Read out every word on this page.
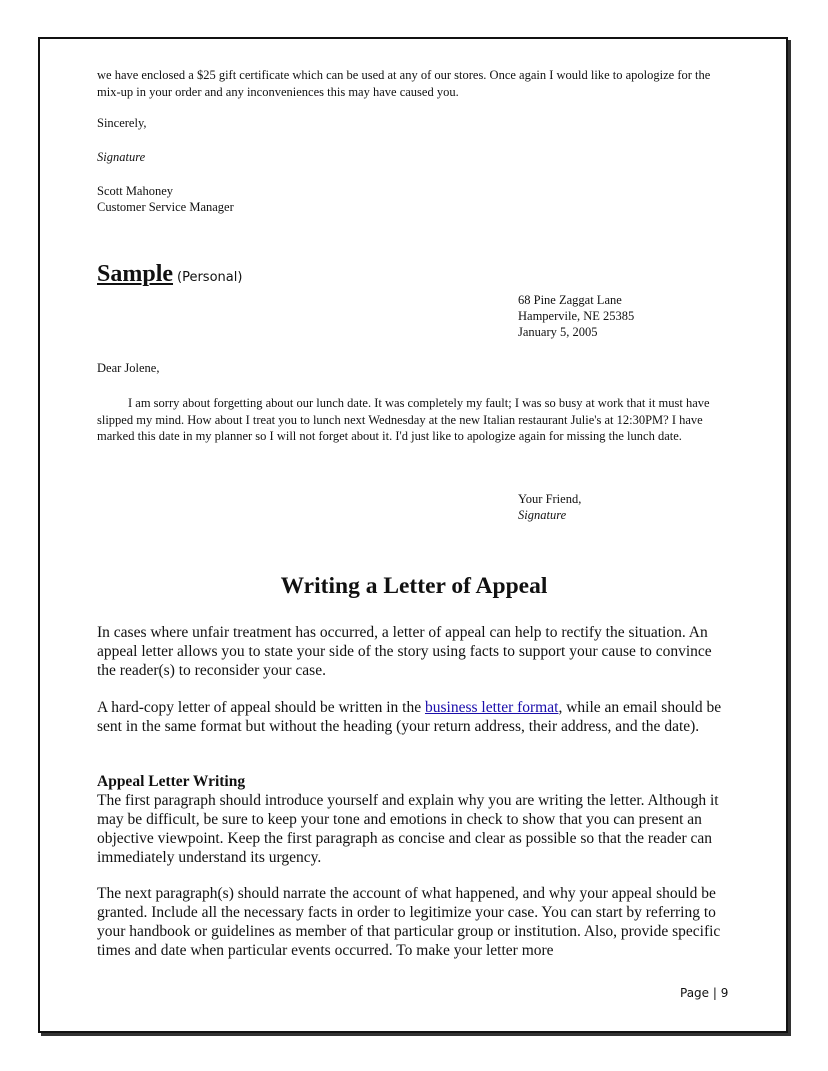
we have enclosed a $25 gift certificate which can be used at any of our stores. Once again I would like to apologize for the mix-up in your order and any inconveniences this may have caused you.

Sincerely,

Signature

Scott Mahoney

Customer Service Manager

Sample (Personal)

68 Pine Zaggat Lane

Hampervile, NE 25385

January 5, 2005

Dear Jolene,

I am sorry about forgetting about our lunch date. It was completely my fault; I was so busy at work that it must have slipped my mind. How about I treat you to lunch next Wednesday at the new Italian restaurant Julie's at 12:30PM? I have marked this date in my planner so I will not forget about it. I'd just like to apologize again for missing the lunch date.

Your Friend,

Signature

Writing a Letter of Appeal

In cases where unfair treatment has occurred, a letter of appeal can help to rectify the situation. An appeal letter allows you to state your side of the story using facts to support your cause to convince the reader(s) to reconsider your case.

A hard-copy letter of appeal should be written in the business letter format, while an email should be sent in the same format but without the heading (your return address, their address, and the date).

Appeal Letter Writing

The first paragraph should introduce yourself and explain why you are writing the letter. Although it may be difficult, be sure to keep your tone and emotions in check to show that you can present an objective viewpoint. Keep the first paragraph as concise and clear as possible so that the reader can immediately understand its urgency.

The next paragraph(s) should narrate the account of what happened, and why your appeal should be granted. Include all the necessary facts in order to legitimize your case. You can start by referring to your handbook or guidelines as member of that particular group or institution. Also, provide specific times and date when particular events occurred. To make your letter more

Page | 9
